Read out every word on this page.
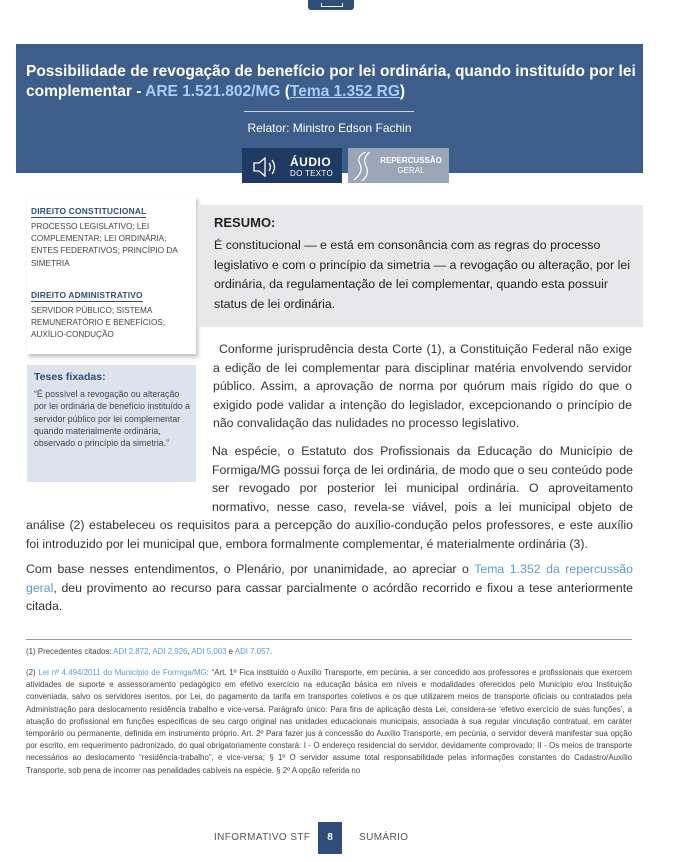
Possibilidade de revogação de benefício por lei ordinária, quando instituído por lei complementar - ARE 1.521.802/MG (Tema 1.352 RG)
Relator: Ministro Edson Fachin
ÁUDIO
DO TEXTO
REPERCUSSÃO
GERAL
DIREITO CONSTITUCIONAL
PROCESSO LEGISLATIVO; LEI COMPLEMENTAR; LEI ORDINÁRIA; ENTES FEDERATIVOS; PRINCÍPIO DA SIMETRIA
DIREITO ADMINISTRATIVO
SERVIDOR PÚBLICO; SISTEMA REMUNERATÓRIO E BENEFÍCIOS; AUXÍLIO-CONDUÇÃO
Teses fixadas:
“É possível a revogação ou alteração por lei ordinária de benefício instituído a servidor público por lei complementar quando materialmente ordinária, observado o princípio da simetria.”
RESUMO:
É constitucional — e está em consonância com as regras do processo legislativo e com o princípio da simetria — a revogação ou alteração, por lei ordinária, da regulamentação de lei complementar, quando esta possuir status de lei ordinária.
Conforme jurisprudência desta Corte (1), a Constituição Federal não exige a edição de lei complementar para disciplinar matéria envolvendo servidor público. Assim, a aprovação de norma por quórum mais rígido do que o exigido pode validar a intenção do legislador, excepcionando o princípio de não convalidação das nulidades no processo legislativo.
Na espécie, o Estatuto dos Profissionais da Educação do Município de Formiga/MG possui força de lei ordinária, de modo que o seu conteúdo pode ser revogado por posterior lei municipal ordinária. O aproveitamento normativo, nesse caso, revela-se viável, pois a lei municipal objeto de análise (2) estabeleceu os requisitos para a percepção do auxílio-condução pelos professores, e este auxílio foi introduzido por lei municipal que, embora formalmente complementar, é materialmente ordinária (3).
Com base nesses entendimentos, o Plenário, por unanimidade, ao apreciar o Tema 1.352 da repercussão geral, deu provimento ao recurso para cassar parcialmente o acórdão recorrido e fixou a tese anteriormente citada.
(1) Precedentes citados: ADI 2.872, ADI 2.926, ADI 5.003 e ADI 7.057.
(2) Lei nº 4.494/2011 do Município de Formiga/MG: “Art. 1º Fica instituído o Auxílio Transporte, em pecúnia, a ser concedido aos professores e profissionais que exercem atividades de suporte e assessoramento pedagógico em efetivo exercício na educação básica em níveis e modalidades oferecidos pelo Município e/ou Instituição conveniada, salvo os servidores isentos, por Lei, do pagamento da tarifa em transportes coletivos e os que utilizarem meios de transporte oficiais ou contratados pela Administração para deslocamento residência trabalho e vice-versa. Parágrafo único: Para fins de aplicação desta Lei, considera-se ‘efetivo exercício de suas funções’, a atuação do profissional em funções específicas de seu cargo original nas unidades educacionais municipais, associada à sua regular vinculação contratual, em caráter temporário ou permanente, definida em instrumento próprio. Art. 2º Para fazer jus à concessão do Auxílio Transporte, em pecúnia, o servidor deverá manifestar sua opção por escrito, em requerimento padronizado, do qual obrigatoriamente constará: I - O endereço residencial do servidor, devidamente comprovado; II - Os meios de transporte necessários ao deslocamento “residência-trabalho”, e vice-versa; § 1º O servidor assume total responsabilidade pelas informações constantes do Cadastro/Auxílio Transporte, sob pena de incorrer nas penalidades cabíveis na espécie. § 2º A opção referida no
INFORMATIVO STF	8	SUMÁRIO
